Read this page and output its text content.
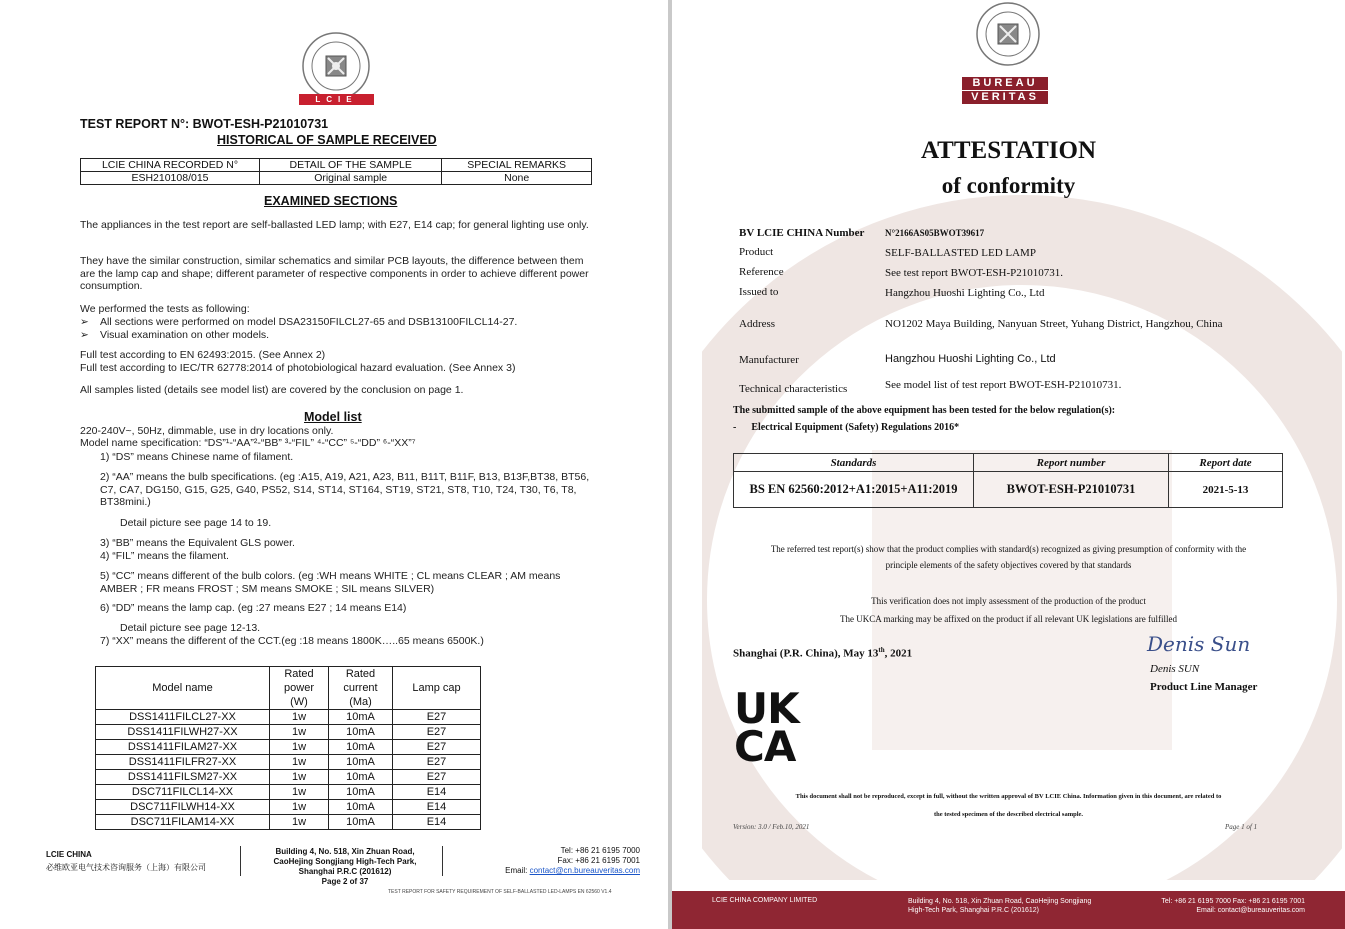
LCIE
TEST REPORT N°: BWOT-ESH-P21010731
HISTORICAL OF SAMPLE RECEIVED
LCIE CHINA RECORDED N°	DETAIL OF THE SAMPLE	SPECIAL REMARKS
ESH210108/015	Original sample	None
EXAMINED SECTIONS
The appliances in the test report are self-ballasted LED lamp; with E27, E14 cap; for general lighting use only.
They have the similar construction, similar schematics and similar PCB layouts, the difference between them are the lamp cap and shape; different parameter of respective components in order to achieve different power consumption.
We performed the tests as following:
➢ All sections were performed on model DSA23150FILCL27-65 and DSB13100FILCL14-27.
➢ Visual examination on other models.
Full test according to EN 62493:2015. (See Annex 2)
Full test according to IEC/TR 62778:2014 of photobiological hazard evaluation. (See Annex 3)
All samples listed (details see model list) are covered by the conclusion on page 1.
Model list
220-240V~, 50Hz, dimmable, use in dry locations only.
Model name specification: “DS”¹-“AA”²-“BB” ³-“FIL” ⁴-“CC” ⁵-“DD” ⁶-“XX”⁷
1) “DS” means Chinese name of filament.
2) “AA” means the bulb specifications. (eg :A15, A19, A21, A23, B11, B11T, B11F, B13, B13F,BT38, BT56, C7, CA7, DG150, G15, G25, G40, PS52, S14, ST14, ST164, ST19, ST21, ST8, T10, T24, T30, T6, T8, BT38mini.)
Detail picture see page 14 to 19.
3) “BB” means the Equivalent GLS power.
4) “FIL” means the filament.
5) “CC” means different of the bulb colors. (eg :WH means WHITE ; CL means CLEAR ; AM means AMBER ; FR means FROST ; SM means SMOKE ; SIL means SILVER)
6) “DD” means the lamp cap. (eg :27 means E27 ; 14 means E14)
Detail picture see page 12-13.
7) “XX” means the different of the CCT.(eg :18 means 1800K…..65 means 6500K.)
Model name	Rated power (W)	Rated current (Ma)	Lamp cap
DSS1411FILCL27-XX	1w	10mA	E27
DSS1411FILWH27-XX	1w	10mA	E27
DSS1411FILAM27-XX	1w	10mA	E27
DSS1411FILFR27-XX	1w	10mA	E27
DSS1411FILSM27-XX	1w	10mA	E27
DSC711FILCL14-XX	1w	10mA	E14
DSC711FILWH14-XX	1w	10mA	E14
DSC711FILAM14-XX	1w	10mA	E14
LCIE CHINA
必维欧亚电气技术咨询服务（上海）有限公司
Building 4, No. 518, Xin Zhuan Road,
CaoHejing Songjiang High-Tech Park,
Shanghai P.R.C (201612)
Page 2 of 37
Tel: +86 21 6195 7000
Fax: +86 21 6195 7001
Email: contact@cn.bureauveritas.com
TEST REPORT FOR SAFETY REQUIREMENT OF SELF-BALLASTED LED-LAMPS EN 62560 V1.4
BUREAU
VERITAS
ATTESTATION
of conformity
BV LCIE CHINA Number N°2166AS05BWOT39617
Product	SELF-BALLASTED LED LAMP
Reference	See test report BWOT-ESH-P21010731.
Issued to	Hangzhou Huoshi Lighting Co., Ltd
Address	NO1202 Maya Building, Nanyuan Street, Yuhang District, Hangzhou, China
Manufacturer	Hangzhou Huoshi Lighting Co., Ltd
Technical characteristics	See model list of test report BWOT-ESH-P21010731.
The submitted sample of the above equipment has been tested for the below regulation(s):
-      Electrical Equipment (Safety) Regulations 2016*
Standards	Report number	Report date
BS EN 62560:2012+A1:2015+A11:2019	BWOT-ESH-P21010731	2021-5-13
The referred test report(s) show that the product complies with standard(s) recognized as giving presumption of conformity with the
principle elements of the safety objectives covered by that standards
This verification does not imply assessment of the production of the product
The UKCA marking may be affixed on the product if all relevant UK legislations are fulfilled
Shanghai (P.R. China), May 13th, 2021	Denis Sun
Denis SUN
Product Line Manager
UK
CA
This document shall not be reproduced, except in full, without the written approval of BV LCIE China. Information given in this document, are related to
the tested specimen of the described electrical sample.
Version: 3.0 / Feb.10, 2021	Page 1 of 1
LCIE CHINA COMPANY LIMITED	Building 4, No. 518, Xin Zhuan Road, CaoHejing Songjiang
High-Tech Park, Shanghai P.R.C (201612)
Tel: +86 21 6195 7000 Fax: +86 21 6195 7001
Email: contact@bureauveritas.com
